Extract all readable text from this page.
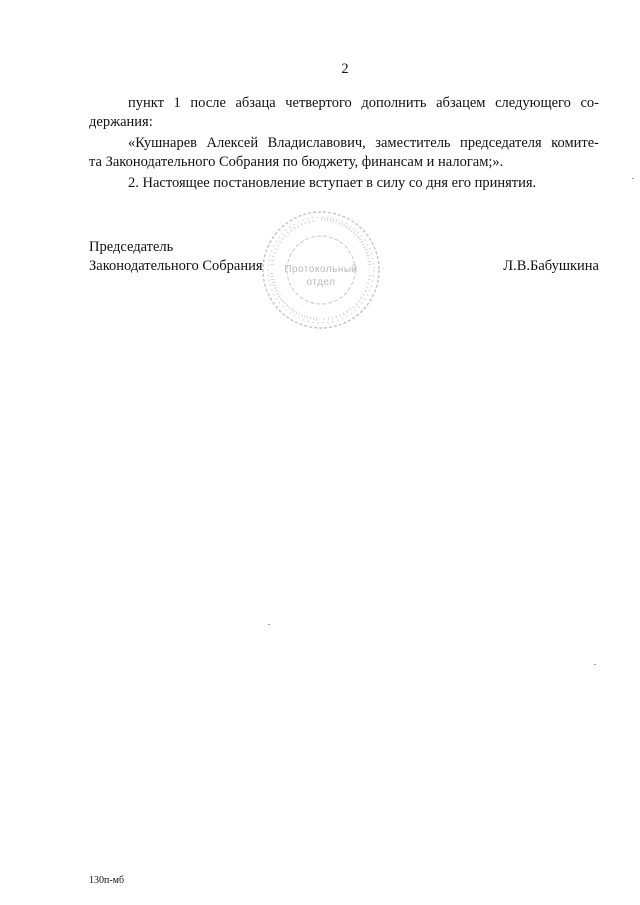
2
пункт 1 после абзаца четвертого дополнить абзацем следующего со-
держания:
«Кушнарев Алексей Владиславович, заместитель председателя комите-
та Законодательного Собрания по бюджету, финансам и налогам;».
2. Настоящее постановление вступает в силу со дня его принятия.
Протокольный
отдел
Председатель
Законодательного Собрания	Л.В.Бабушкина
130п-мб
